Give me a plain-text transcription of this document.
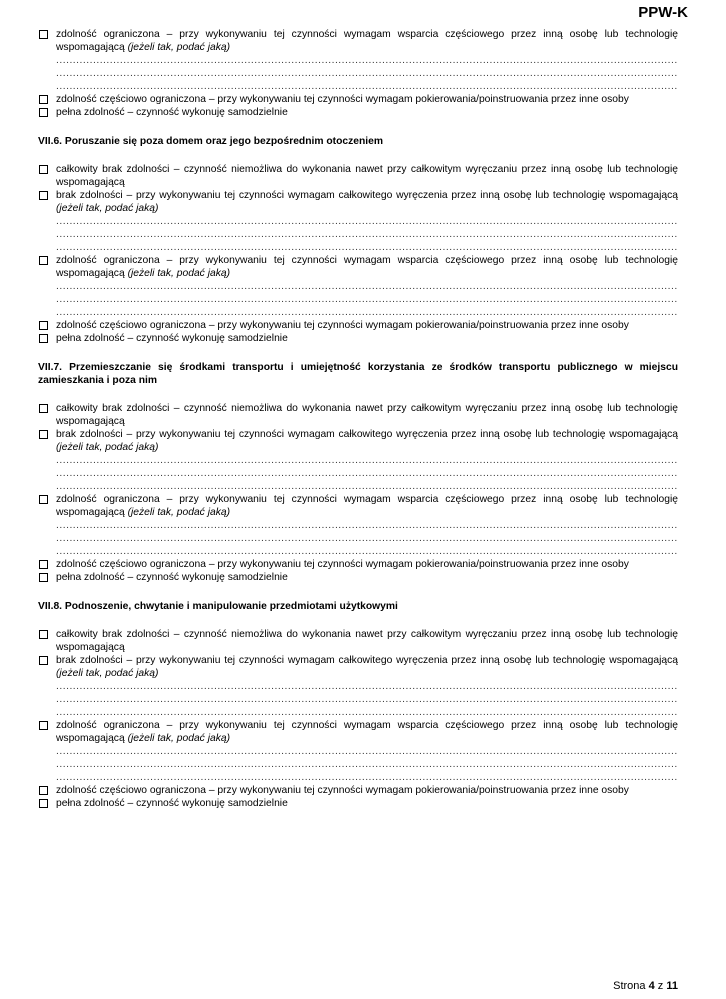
PPW-K
zdolność ograniczona – przy wykonywaniu tej czynności wymagam wsparcia częściowego przez inną osobę lub technologię wspomagającą (jeżeli tak, podać jaką)
.....
.....
.....
zdolność częściowo ograniczona – przy wykonywaniu tej czynności wymagam pokierowania/poinstruowania przez inne osoby
pełna zdolność – czynność wykonuję samodzielnie
VII.6. Poruszanie się poza domem oraz jego bezpośrednim otoczeniem
całkowity brak zdolności – czynność niemożliwa do wykonania nawet przy całkowitym wyręczaniu przez inną osobę lub technologię wspomagającą
brak zdolności – przy wykonywaniu tej czynności wymagam całkowitego wyręczenia przez inną osobę lub technologię wspomagającą (jeżeli tak, podać jaką)
.....
.....
.....
zdolność ograniczona – przy wykonywaniu tej czynności wymagam wsparcia częściowego przez inną osobę lub technologię wspomagającą (jeżeli tak, podać jaką)
.....
.....
.....
zdolność częściowo ograniczona – przy wykonywaniu tej czynności wymagam pokierowania/poinstruowania przez inne osoby
pełna zdolność – czynność wykonuję samodzielnie
VII.7. Przemieszczanie się środkami transportu i umiejętność korzystania ze środków transportu publicznego w miejscu zamieszkania i poza nim
całkowity brak zdolności – czynność niemożliwa do wykonania nawet przy całkowitym wyręczaniu przez inną osobę lub technologię wspomagającą
brak zdolności – przy wykonywaniu tej czynności wymagam całkowitego wyręczenia przez inną osobę lub technologię wspomagającą (jeżeli tak, podać jaką)
.....
.....
.....
zdolność ograniczona – przy wykonywaniu tej czynności wymagam wsparcia częściowego przez inną osobę lub technologię wspomagającą (jeżeli tak, podać jaką)
.....
.....
.....
zdolność częściowo ograniczona – przy wykonywaniu tej czynności wymagam pokierowania/poinstruowania przez inne osoby
pełna zdolność – czynność wykonuję samodzielnie
VII.8. Podnoszenie, chwytanie i manipulowanie przedmiotami użytkowymi
całkowity brak zdolności – czynność niemożliwa do wykonania nawet przy całkowitym wyręczaniu przez inną osobę lub technologię wspomagającą
brak zdolności – przy wykonywaniu tej czynności wymagam całkowitego wyręczenia przez inną osobę lub technologię wspomagającą (jeżeli tak, podać jaką)
.....
.....
.....
zdolność ograniczona – przy wykonywaniu tej czynności wymagam wsparcia częściowego przez inną osobę lub technologię wspomagającą (jeżeli tak, podać jaką)
.....
.....
.....
zdolność częściowo ograniczona – przy wykonywaniu tej czynności wymagam pokierowania/poinstruowania przez inne osoby
pełna zdolność – czynność wykonuję samodzielnie
Strona 4 z 11
